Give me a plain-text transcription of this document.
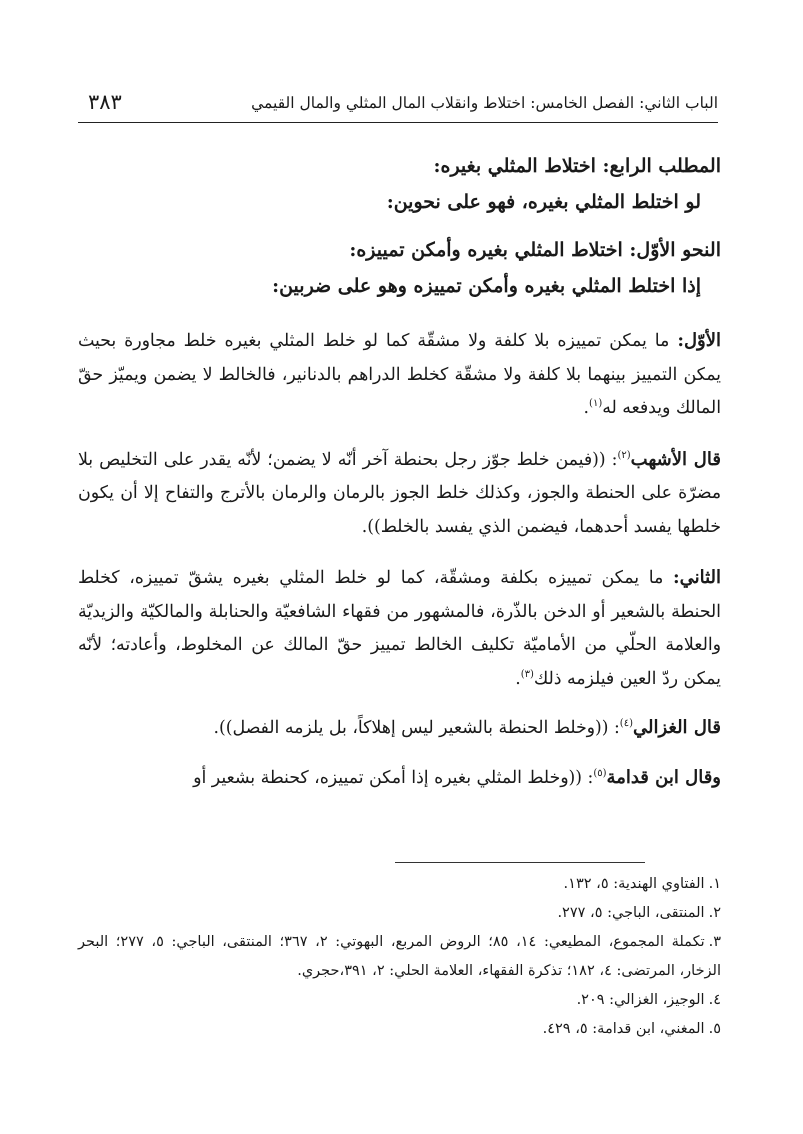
الباب الثاني: الفصل الخامس: اختلاط وانقلاب المال المثلي والمال القيمي
٣٨٣

المطلب الرابع: اختلاط المثلي بغيره:

لو اختلط المثلي بغيره، فهو على نحوين:

النحو الأوّل: اختلاط المثلي بغيره وأمكن تمييزه:

إذا اختلط المثلي بغيره وأمكن تمييزه وهو على ضربين:

الأوّل: ما يمكن تمييزه بلا كلفة ولا مشقّة كما لو خلط المثلي بغيره خلط مجاورة بحيث يمكن التمييز بينهما بلا كلفة ولا مشقّة كخلط الدراهم بالدنانير، فالخالط لا يضمن ويميّز حقّ المالك ويدفعه له$^{(١)}$.

قال الأشهب$^{(٢)}$: ((فيمن خلط جوّز رجل بحنطة آخر أنّه لا يضمن؛ لأنّه يقدر على التخليص بلا مضرّة على الحنطة والجوز، وكذلك خلط الجوز بالرمان والرمان بالأترج والتفاح إلا أن يكون خلطها يفسد أحدهما، فيضمن الذي يفسد بالخلط)).

الثاني: ما يمكن تمييزه بكلفة ومشقّة، كما لو خلط المثلي بغيره يشقّ تمييزه، كخلط الحنطة بالشعير أو الدخن بالذّرة، فالمشهور من فقهاء الشافعيّة والحنابلة والمالكيّة والزيديّة والعلامة الحلّي من الأماميّة تكليف الخالط تمييز حقّ المالك عن المخلوط، وأعادته؛ لأنّه يمكن ردّ العين فيلزمه ذلك$^{(٣)}$.

قال الغزالي$^{(٤)}$: ((وخلط الحنطة بالشعير ليس إهلاكاً، بل يلزمه الفصل)).

وقال ابن قدامة$^{(٥)}$: ((وخلط المثلي بغيره إذا أمكن تمييزه، كحنطة بشعير أو

١.الفتاوي الهندية: ٥، ١٣٢.

٢.المنتقى، الباجي: ٥، ٢٧٧.

٣.تكملة المجموع، المطيعي: ١٤، ٨٥؛ الروض المربع، البهوتي: ٢، ٣٦٧؛ المنتقى، الباجي: ٥، ٢٧٧؛ البحر الزخار، المرتضى: ٤، ١٨٢؛ تذكرة الفقهاء، العلامة الحلي: ٢، ٣٩١،حجري.

٤.الوجيز، الغزالي: ٢٠٩.

٥.المغني، ابن قدامة: ٥، ٤٢٩.
